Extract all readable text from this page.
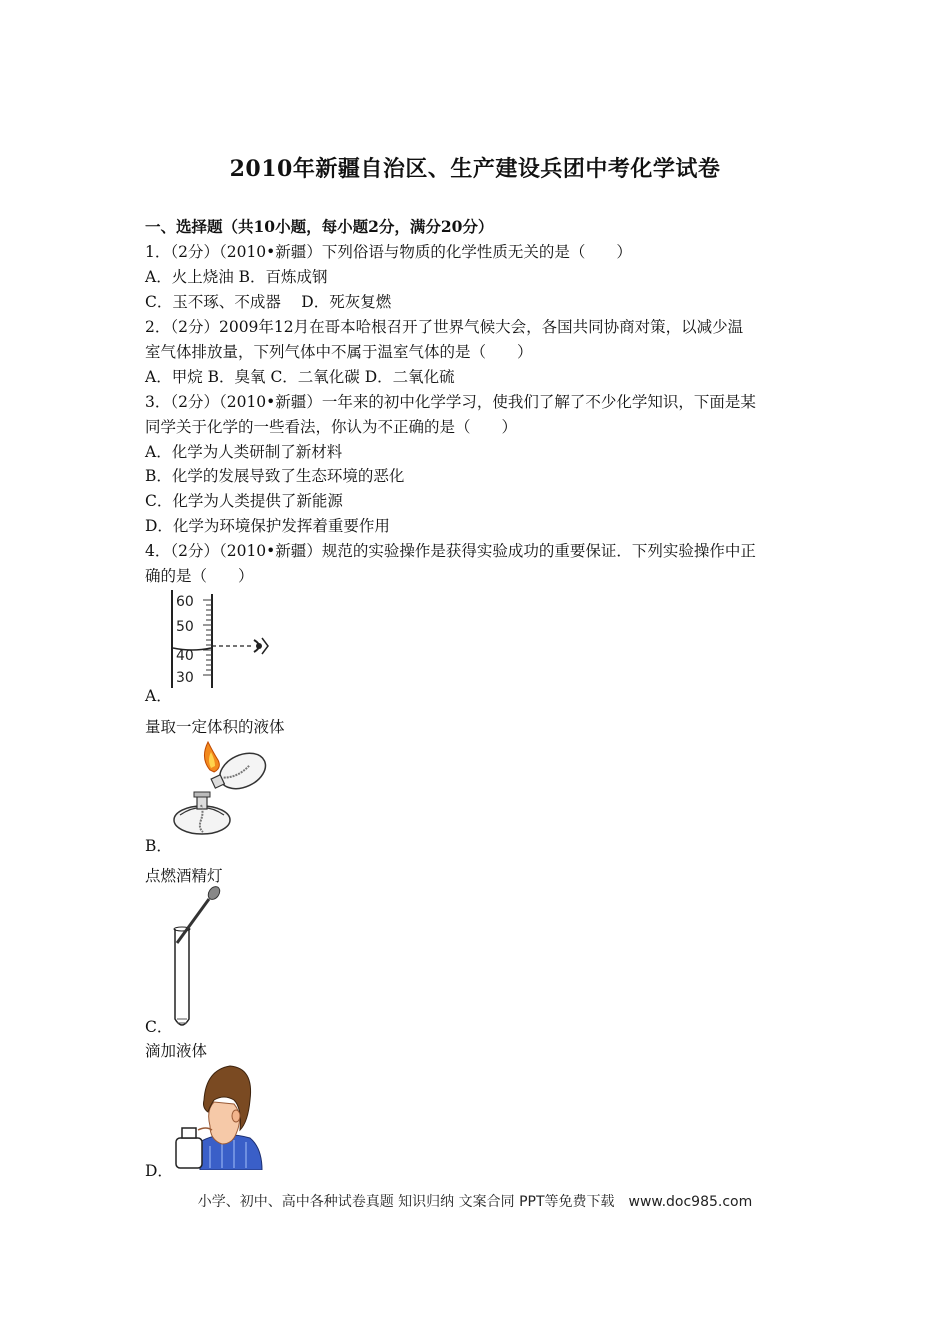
2010年新疆自治区、生产建设兵团中考化学试卷
一、选择题（共10小题，每小题2分，满分20分）
1．（2分）（2010•新疆）下列俗语与物质的化学性质无关的是（　　）
A．火上烧油 B．百炼成钢
C．玉不琢、不成器　 D．死灰复燃
2．（2分）2009年12月在哥本哈根召开了世界气候大会，各国共同协商对策，以减少温
室气体排放量，下列气体中不属于温室气体的是（　　）
A．甲烷 B．臭氧 C．二氧化碳 D．二氧化硫
3．（2分）（2010•新疆）一年来的初中化学学习，使我们了解了不少化学知识，下面是某
同学关于化学的一些看法，你认为不正确的是（　　）
A．化学为人类研制了新材料
B．化学的发展导致了生态环境的恶化
C．化学为人类提供了新能源
D．化学为环境保护发挥着重要作用
4．（2分）（2010•新疆）规范的实验操作是获得实验成功的重要保证．下列实验操作中正
确的是（　　）
60
50
40
30
A．
量取一定体积的液体
B．
点燃酒精灯
C．
滴加液体
D．
小学、初中、高中各种试卷真题 知识归纳 文案合同 PPT等免费下载　www.doc985.com
